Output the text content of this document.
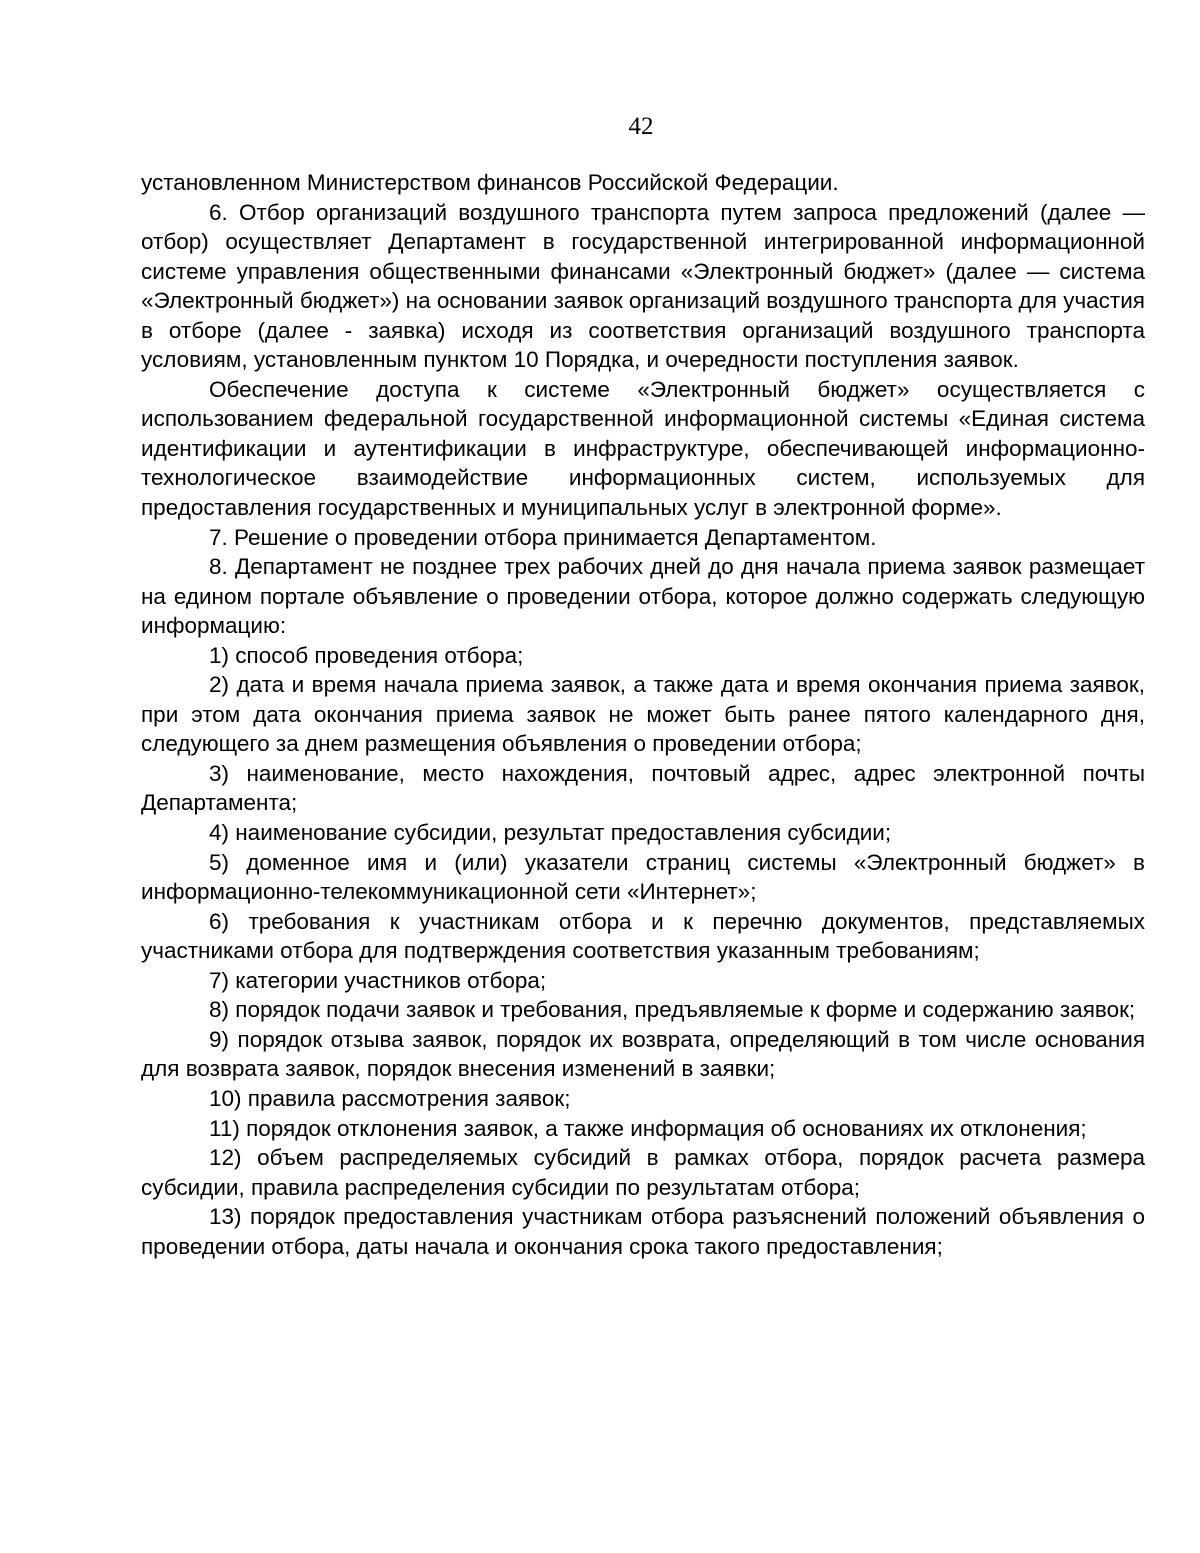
42

установленном Министерством финансов Российской Федерации.

6. Отбор организаций воздушного транспорта путем запроса предложений (далее — отбор) осуществляет Департамент в государственной интегрированной информационной системе управления общественными финансами «Электронный бюджет» (далее — система «Электронный бюджет») на основании заявок организаций воздушного транспорта для участия в отборе (далее - заявка) исходя из соответствия организаций воздушного транспорта условиям, установленным пунктом 10 Порядка, и очередности поступления заявок.

Обеспечение доступа к системе «Электронный бюджет» осуществляется с использованием федеральной государственной информационной системы «Единая система идентификации и аутентификации в инфраструктуре, обеспечивающей информационно-технологическое взаимодействие информационных систем, используемых для предоставления государственных и муниципальных услуг в электронной форме».

7. Решение о проведении отбора принимается Департаментом.

8. Департамент не позднее трех рабочих дней до дня начала приема заявок размещает на едином портале объявление о проведении отбора, которое должно содержать следующую информацию:

1) способ проведения отбора;

2) дата и время начала приема заявок, а также дата и время окончания приема заявок, при этом дата окончания приема заявок не может быть ранее пятого календарного дня, следующего за днем размещения объявления о проведении отбора;

3) наименование, место нахождения, почтовый адрес, адрес электронной почты Департамента;

4) наименование субсидии, результат предоставления субсидии;

5) доменное имя и (или) указатели страниц системы «Электронный бюджет» в информационно-телекоммуникационной сети «Интернет»;

6) требования к участникам отбора и к перечню документов, представляемых участниками отбора для подтверждения соответствия указанным требованиям;

7) категории участников отбора;

8) порядок подачи заявок и требования, предъявляемые к форме и содержанию заявок;

9) порядок отзыва заявок, порядок их возврата, определяющий в том числе основания для возврата заявок, порядок внесения изменений в заявки;

10) правила рассмотрения заявок;

11) порядок отклонения заявок, а также информация об основаниях их отклонения;

12) объем распределяемых субсидий в рамках отбора, порядок расчета размера субсидии, правила распределения субсидии по результатам отбора;

13) порядок предоставления участникам отбора разъяснений положений объявления о проведении отбора, даты начала и окончания срока такого предоставления;
